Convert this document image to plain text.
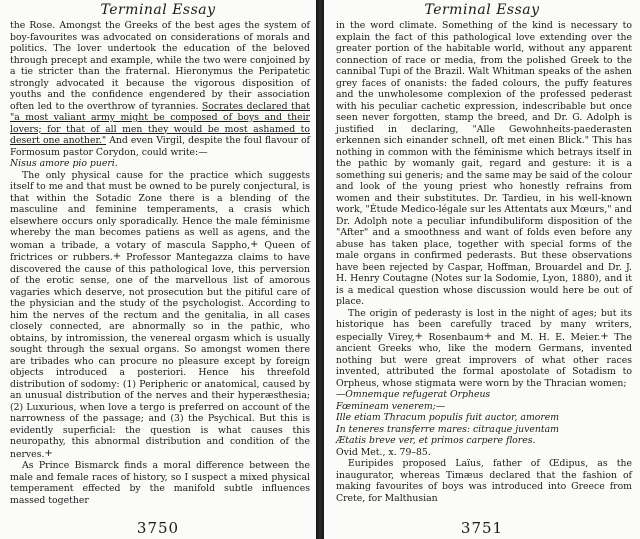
Terminal Essay

the Rose. Amongst the Greeks of the best ages the system of boy-favourites was advocated on considerations of morals and politics. The lover undertook the education of the beloved through precept and example, while the two were conjoined by a tie stricter than the fraternal. Hieronymus the Peripatetic strongly advocated it because the vigorous disposition of youths and the confidence engendered by their association often led to the overthrow of tyrannies. Socrates declared that "a most valiant army might be composed of boys and their lovers; for that of all men they would be most ashamed to desert one another." And even Virgil, despite the foul flavour of Formosum pastor Corydon, could write:—

Nisus amore pio pueri.

The only physical cause for the practice which suggests itself to me and that must be owned to be purely conjectural, is that within the Sotadic Zone there is a blending of the masculine and feminine temperaments, a crasis which elsewhere occurs only sporadically. Hence the male féminisme whereby the man becomes patiens as well as agens, and the woman a tribade, a votary of mascula Sappho,+ Queen of frictrices or rubbers.+ Professor Mantegazza claims to have discovered the cause of this pathological love, this perversion of the erotic sense, one of the marvellous list of amorous vagaries which deserve, not prosecution but the pitiful care of the physician and the study of the psychologist. According to him the nerves of the rectum and the genitalia, in all cases closely connected, are abnormally so in the pathic, who obtains, by intromission, the venereal orgasm which is usually sought through the sexual organs. So amongst women there are tribades who can procure no pleasure except by foreign objects introduced a posteriori. Hence his threefold distribution of sodomy: (1) Peripheric or anatomical, caused by an unusual distribution of the nerves and their hyperæsthesia; (2) Luxurious, when love a tergo is preferred on account of the narrowness of the passage; and (3) the Psychical. But this is evidently superficial: the question is what causes this neuropathy, this abnormal distribution and condition of the nerves.+

As Prince Bismarck finds a moral difference between the male and female races of history, so I suspect a mixed physical temperament effected by the manifold subtle influences massed together

3750
Terminal Essay

in the word climate. Something of the kind is necessary to explain the fact of this pathological love extending over the greater portion of the habitable world, without any apparent connection of race or media, from the polished Greek to the cannibal Tupi of the Brazil. Walt Whitman speaks of the ashen grey faces of onanists: the faded colours, the puffy features and the unwholesome complexion of the professed pederast with his peculiar cachetic expression, indescribable but once seen never forgotten, stamp the breed, and Dr. G. Adolph is justified in declaring, "Alle Gewohnheits-paederasten erkennen sich einander schnell, oft met einen Blick." This has nothing in common with the féminisme which betrays itself in the pathic by womanly gait, regard and gesture: it is a something sui generis; and the same may be said of the colour and look of the young priest who honestly refrains from women and their substitutes. Dr. Tardieu, in his well-known work, "Étude Medico-légale sur les Attentats aux Mœurs," and Dr. Adolph note a peculiar infundibuliform disposition of the "After" and a smoothness and want of folds even before any abuse has taken place, together with special forms of the male organs in confirmed pederasts. But these observations have been rejected by Caspar, Hoffman, Brouardel and Dr. J. H. Henry Coutagne (Notes sur la Sodomie, Lyon, 1880), and it is a medical question whose discussion would here be out of place.

The origin of pederasty is lost in the night of ages; but its historique has been carefully traced by many writers, especially Virey,+ Rosenbaum+ and M. H. E. Meier.+ The ancient Greeks who, like the modern Germans, invented nothing but were great improvers of what other races invented, attributed the formal apostolate of Sotadism to Orpheus, whose stigmata were worn by the Thracian women;

—Omnemque refugerat Orpheus

Fœmineam venerem;—

Ille etiam Thracum populis fuit auctor, amorem

In teneres transferre mares: citraque juventam

Ætatis breve ver, et primos carpere flores.

Ovid Met., x. 79–85.

Euripides proposed Laïus, father of Œdipus, as the inaugurator, whereas Timæus declared that the fashion of making favourites of boys was introduced into Greece from Crete, for Malthusian

3751
